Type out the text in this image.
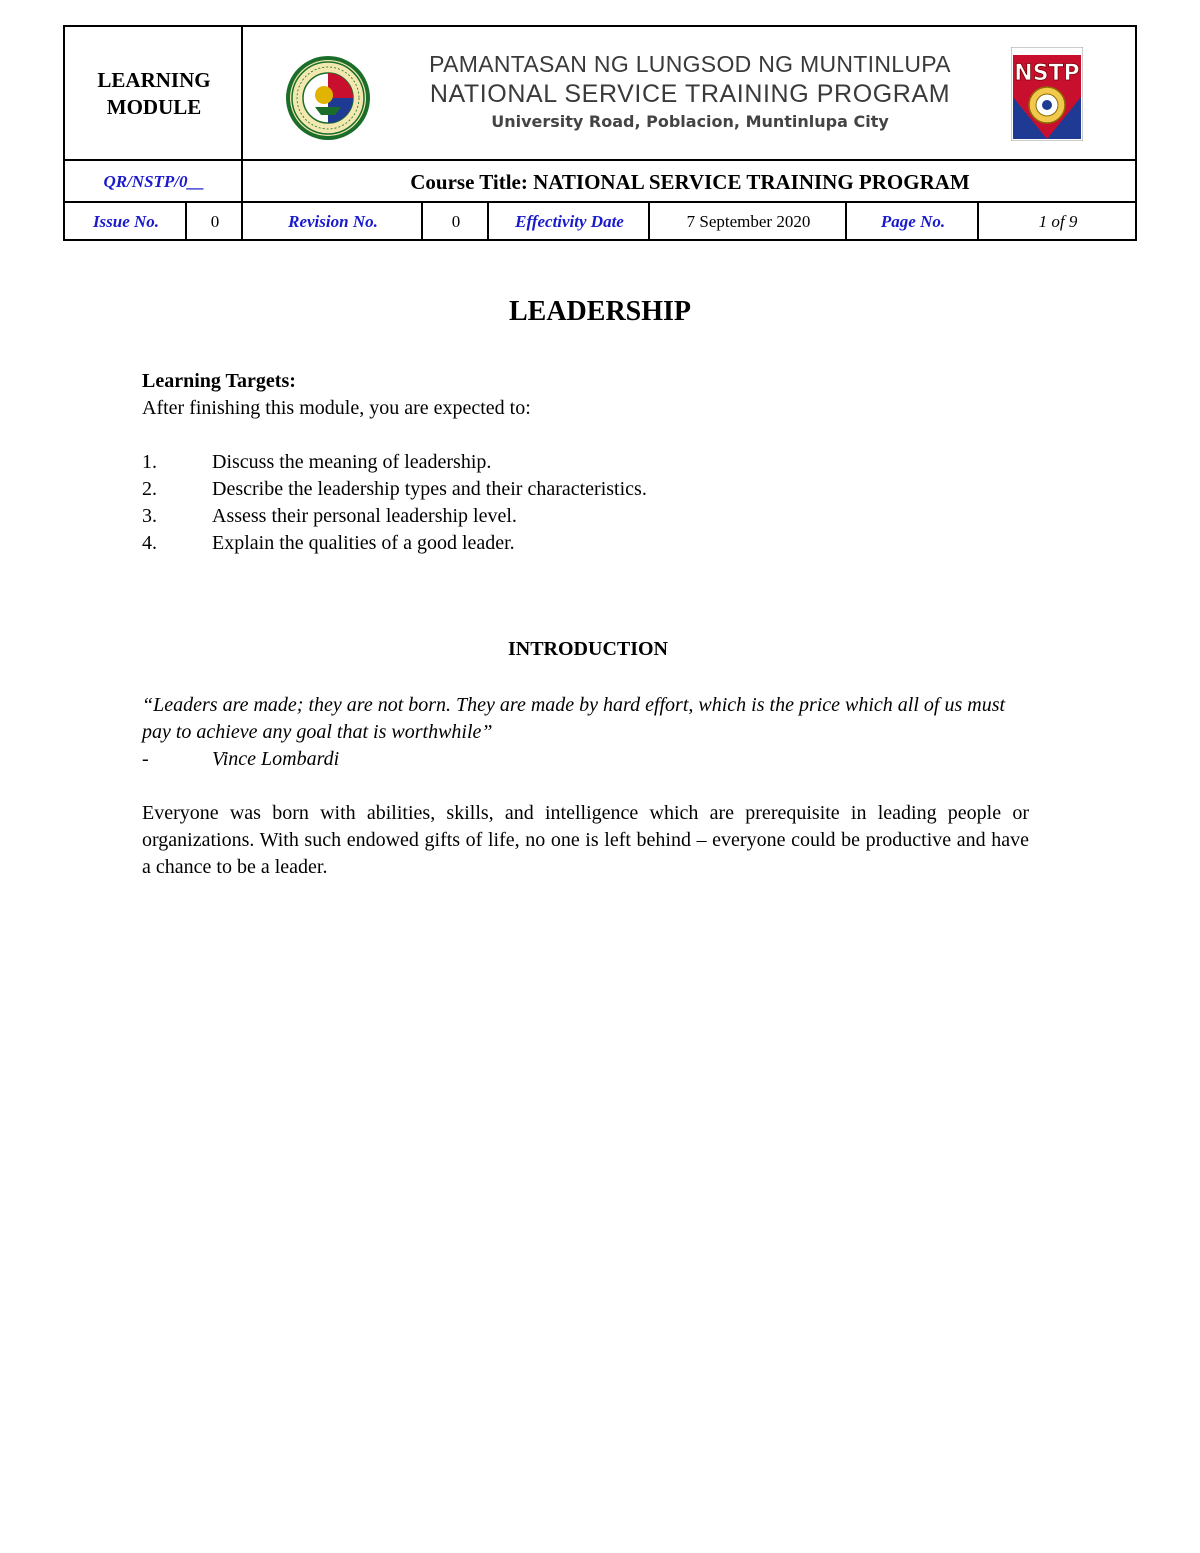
LEARNING
MODULE
PAMANTASAN NG LUNGSOD NG MUNTINLUPA
NATIONAL SERVICE TRAINING PROGRAM
University Road, Poblacion, Muntinlupa City
NSTP
QR/NSTP/0__	Course Title: NATIONAL SERVICE TRAINING PROGRAM
Issue No.	0	Revision No.	0	Effectivity Date	7 September 2020	Page No.	1 of 9
LEADERSHIP
Learning Targets:
After finishing this module, you are expected to:
1.	Discuss the meaning of leadership.
2.	Describe the leadership types and their characteristics.
3.	Assess their personal leadership level.
4.	Explain the qualities of a good leader.
INTRODUCTION
“Leaders are made; they are not born. They are made by hard effort, which is the price which all of us must pay to achieve any goal that is worthwhile”
-	Vince Lombardi
Everyone was born with abilities, skills, and intelligence which are prerequisite in leading people or organizations. With such endowed gifts of life, no one is left behind – everyone could be productive and have a chance to be a leader.
